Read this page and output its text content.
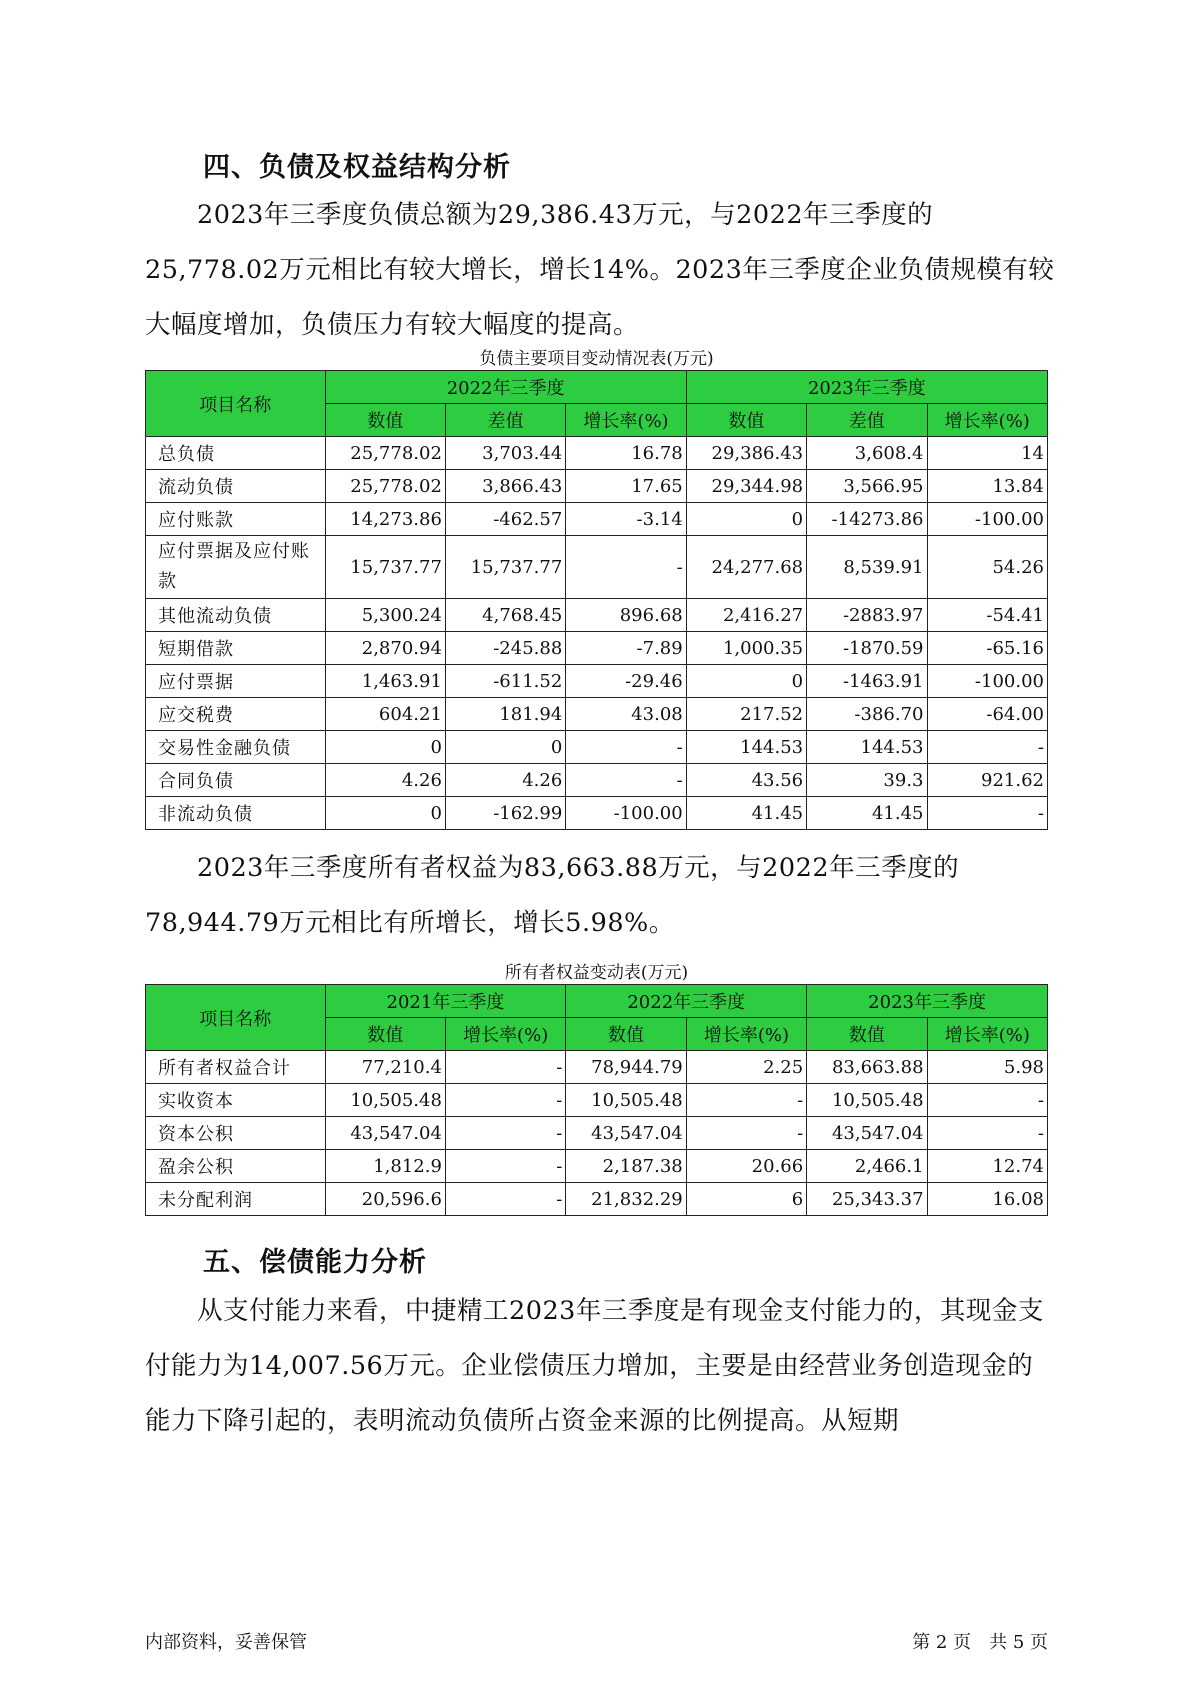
四、负债及权益结构分析

2023年三季度负债总额为29,386.43万元，与2022年三季度的25,778.02万元相比有较大增长，增长14%。2023年三季度企业负债规模有较大幅度增加，负债压力有较大幅度的提高。

负债主要项目变动情况表(万元)
项目名称	2022年三季度			2023年三季度		
	数值	差值	增长率(%)	数值	差值	增长率(%)
总负债	25,778.02	3,703.44	16.78	29,386.43	3,608.4	14
流动负债	25,778.02	3,866.43	17.65	29,344.98	3,566.95	13.84
应付账款	14,273.86	-462.57	-3.14	0	-14273.86	-100.00
应付票据及应付账款	15,737.77	15,737.77	-	24,277.68	8,539.91	54.26
其他流动负债	5,300.24	4,768.45	896.68	2,416.27	-2883.97	-54.41
短期借款	2,870.94	-245.88	-7.89	1,000.35	-1870.59	-65.16
应付票据	1,463.91	-611.52	-29.46	0	-1463.91	-100.00
应交税费	604.21	181.94	43.08	217.52	-386.70	-64.00
交易性金融负债	0	0	-	144.53	144.53	-
合同负债	4.26	4.26	-	43.56	39.3	921.62
非流动负债	0	-162.99	-100.00	41.45	41.45	-

2023年三季度所有者权益为83,663.88万元，与2022年三季度的78,944.79万元相比有所增长，增长5.98%。

所有者权益变动表(万元)
项目名称	2021年三季度		2022年三季度		2023年三季度	
	数值	增长率(%)	数值	增长率(%)	数值	增长率(%)
所有者权益合计	77,210.4	-	78,944.79	2.25	83,663.88	5.98
实收资本	10,505.48	-	10,505.48	-	10,505.48	-
资本公积	43,547.04	-	43,547.04	-	43,547.04	-
盈余公积	1,812.9	-	2,187.38	20.66	2,466.1	12.74
未分配利润	20,596.6	-	21,832.29	6	25,343.37	16.08
五、偿债能力分析

从支付能力来看，中捷精工2023年三季度是有现金支付能力的，其现金支付能力为14,007.56万元。企业偿债压力增加，主要是由经营业务创造现金的能力下降引起的，表明流动负债所占资金来源的比例提高。从短期

内部资料，妥善保管	第 2 页　共 5 页
